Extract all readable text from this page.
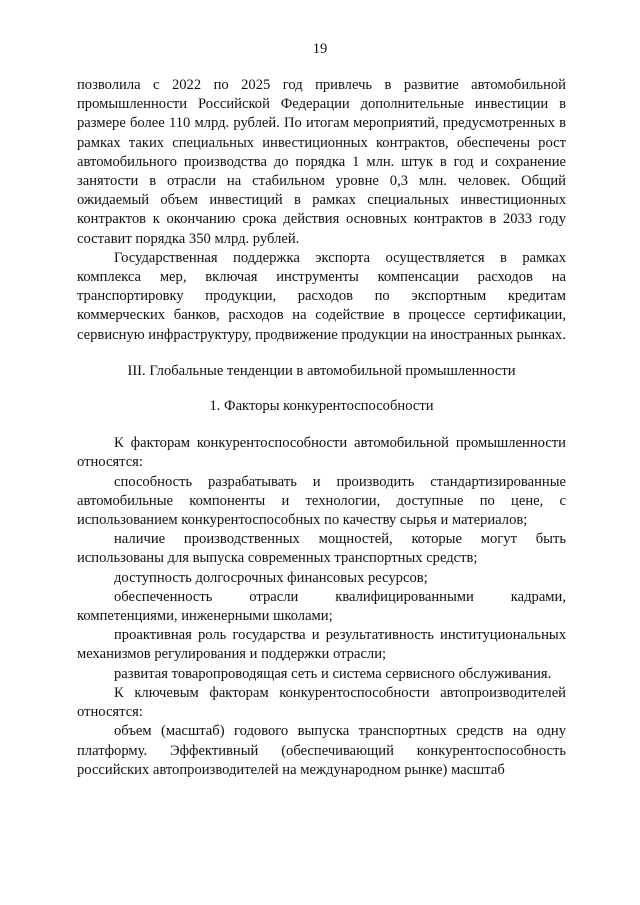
19

позволила с 2022 по 2025 год привлечь в развитие автомобильной промышленности Российской Федерации дополнительные инвестиции в размере более 110 млрд. рублей. По итогам мероприятий, предусмотренных в рамках таких специальных инвестиционных контрактов, обеспечены рост автомобильного производства до порядка 1 млн. штук в год и сохранение занятости в отрасли на стабильном уровне 0,3 млн. человек. Общий ожидаемый объем инвестиций в рамках специальных инвестиционных контрактов к окончанию срока действия основных контрактов в 2033 году составит порядка 350 млрд. рублей.

Государственная поддержка экспорта осуществляется в рамках комплекса мер, включая инструменты компенсации расходов на транспортировку продукции, расходов по экспортным кредитам коммерческих банков, расходов на содействие в процессе сертификации, сервисную инфраструктуру, продвижение продукции на иностранных рынках.

III. Глобальные тенденции в автомобильной промышленности

1. Факторы конкурентоспособности

К факторам конкурентоспособности автомобильной промышленности относятся:

способность разрабатывать и производить стандартизированные автомобильные компоненты и технологии, доступные по цене, с использованием конкурентоспособных по качеству сырья и материалов;

наличие производственных мощностей, которые могут быть использованы для выпуска современных транспортных средств;

доступность долгосрочных финансовых ресурсов;

обеспеченность отрасли квалифицированными кадрами, компетенциями, инженерными школами;

проактивная роль государства и результативность институциональных механизмов регулирования и поддержки отрасли;

развитая товаропроводящая сеть и система сервисного обслуживания.

К ключевым факторам конкурентоспособности автопроизводителей относятся:

объем (масштаб) годового выпуска транспортных средств на одну платформу. Эффективный (обеспечивающий конкурентоспособность российских автопроизводителей на международном рынке) масштаб
